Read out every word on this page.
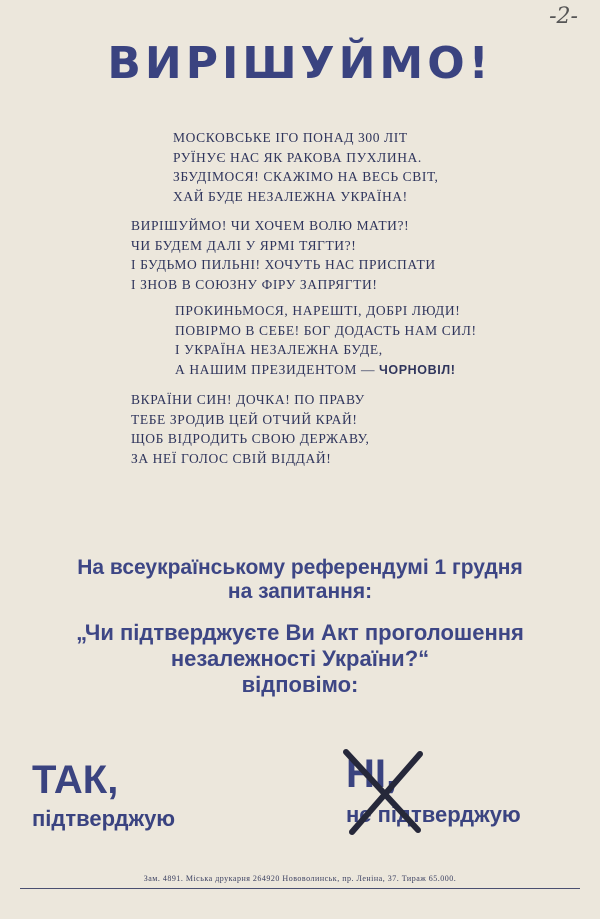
-2-
ВИРІШУЙМО!
МОСКОВСЬКЕ ІГО ПОНАД 300 ЛІТ
РУЇНУЄ НАС ЯК РАКОВА ПУХЛИНА.
ЗБУДІМОСЯ! СКАЖІМО НА ВЕСЬ СВІТ,
ХАЙ БУДЕ НЕЗАЛЕЖНА УКРАЇНА!
ВИРІШУЙМО! ЧИ ХОЧЕМ ВОЛЮ МАТИ?!
ЧИ БУДЕМ ДАЛІ У ЯРМІ ТЯГТИ?!
І БУДЬМО ПИЛЬНІ! ХОЧУТЬ НАС ПРИСПАТИ
І ЗНОВ В СОЮЗНУ ФІРУ ЗАПРЯГТИ!
ПРОКИНЬМОСЯ, НАРЕШТІ, ДОБРІ ЛЮДИ!
ПОВІРМО В СЕБЕ! БОГ ДОДАСТЬ НАМ СИЛ!
І УКРАЇНА НЕЗАЛЕЖНА БУДЕ,
А НАШИМ ПРЕЗИДЕНТОМ — ЧОРНОВІЛ!
ВКРАЇНИ СИН! ДОЧКА! ПО ПРАВУ
ТЕБЕ ЗРОДИВ ЦЕЙ ОТЧИЙ КРАЙ!
ЩОБ ВІДРОДИТЬ СВОЮ ДЕРЖАВУ,
ЗА НЕЇ ГОЛОС СВІЙ ВІДДАЙ!
На всеукраїнському референдумі 1 грудня
на запитання:
„Чи підтверджуєте Ви Акт проголошення
незалежності України?“
відповімо:
ТАК,
підтверджую
НІ,
не підтверджую
Зам. 4891. Міська друкарня 264920 Нововолинськ, пр. Леніна, 37. Тираж 65.000.
